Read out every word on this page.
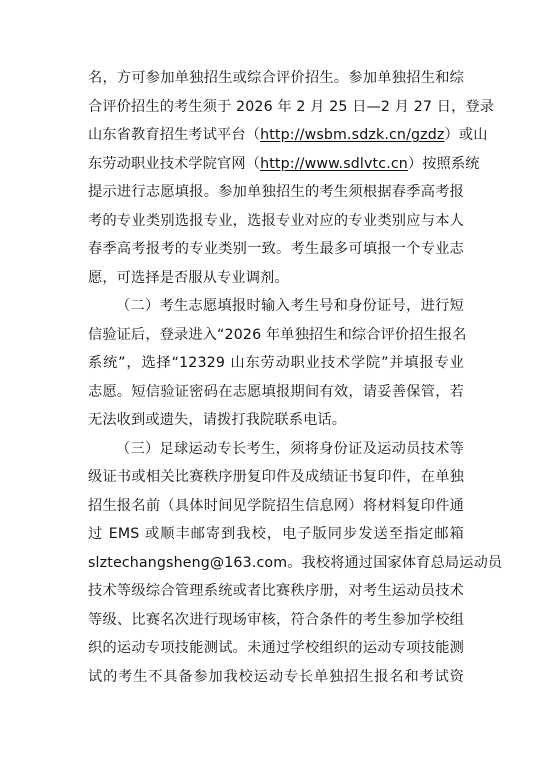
名，方可参加单独招生或综合评价招生。参加单独招生和综
合评价招生的考生须于 2026 年 2 月 25 日—2 月 27 日，登录
山东省教育招生考试平台（http://wsbm.sdzk.cn/gzdz）或山
东劳动职业技术学院官网（http://www.sdlvtc.cn）按照系统
提示进行志愿填报。参加单独招生的考生须根据春季高考报
考的专业类别选报专业，选报专业对应的专业类别应与本人
春季高考报考的专业类别一致。考生最多可填报一个专业志
愿，可选择是否服从专业调剂。
（二）考生志愿填报时输入考生号和身份证号，进行短
信验证后，登录进入“2026 年单独招生和综合评价招生报名
系统”，选择“12329 山东劳动职业技术学院”并填报专业
志愿。短信验证密码在志愿填报期间有效，请妥善保管，若
无法收到或遗失，请拨打我院联系电话。
（三）足球运动专长考生，须将身份证及运动员技术等
级证书或相关比赛秩序册复印件及成绩证书复印件，在单独
招生报名前（具体时间见学院招生信息网）将材料复印件通
过 EMS 或顺丰邮寄到我校，电子版同步发送至指定邮箱
slztechangsheng@163.com。我校将通过国家体育总局运动员
技术等级综合管理系统或者比赛秩序册，对考生运动员技术
等级、比赛名次进行现场审核，符合条件的考生参加学校组
织的运动专项技能测试。未通过学校组织的运动专项技能测
试的考生不具备参加我校运动专长单独招生报名和考试资
